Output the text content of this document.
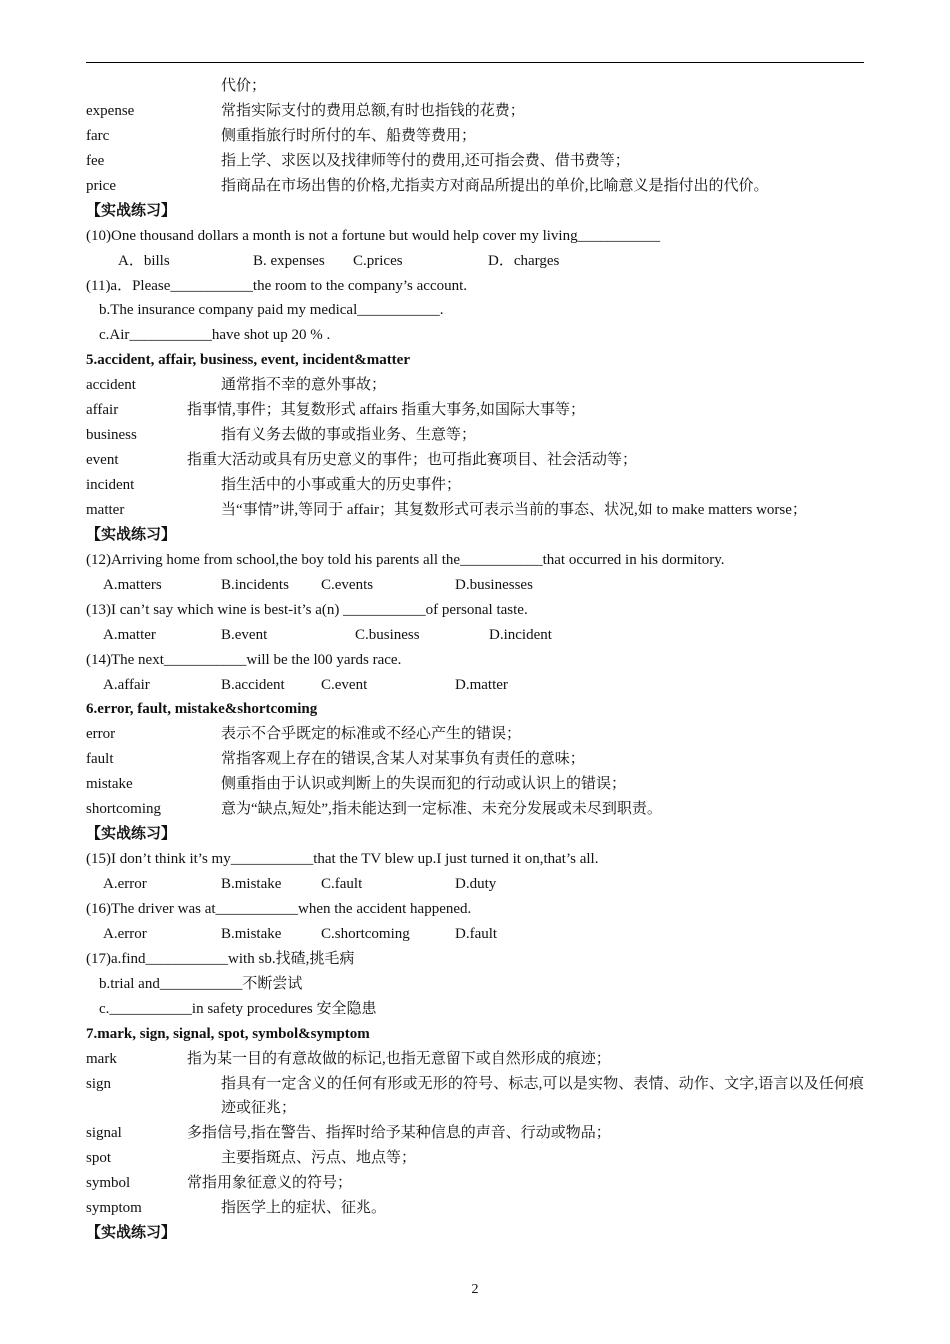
代价；
expense	常指实际支付的费用总额,有时也指钱的花费；
farc	侧重指旅行时所付的车、船费等费用；
fee	指上学、求医以及找律师等付的费用,还可指会费、借书费等；
price	指商品在市场出售的价格,尤指卖方对商品所提出的单价,比喻意义是指付出的代价。
【实战练习】
(10)One thousand dollars a month is not a fortune but would help cover my living___________
A．bills	B. expenses	C.prices	D．charges
(11)a．Please___________the room to the company’s account.
b.The insurance company paid my medical___________.
c.Air___________have shot up 20 % .
5.accident, affair, business, event, incident&matter
accident	通常指不幸的意外事故；
affair	指事情,事件；其复数形式 affairs 指重大事务,如国际大事等；
business	指有义务去做的事或指业务、生意等；
event	指重大活动或具有历史意义的事件；也可指此赛项目、社会活动等；
incident	指生活中的小事或重大的历史事件；
matter	当“事情”讲,等同于 affair；其复数形式可表示当前的事态、状况,如 to make matters worse；
【实战练习】
(12)Arriving home from school,the boy told his parents all the___________that occurred in his dormitory.
A.matters	B.incidents	C.events	D.businesses
(13)I can’t say which wine is best-it’s a(n) ___________of personal taste.
A.matter	B.event	C.business	D.incident
(14)The next___________will be the l00 yards race.
A.affair	B.accident	C.event	D.matter
6.error, fault, mistake&shortcoming
error	表示不合乎既定的标准或不经心产生的错误；
fault	常指客观上存在的错误,含某人对某事负有责任的意味；
mistake	侧重指由于认识或判断上的失误而犯的行动或认识上的错误；
shortcoming	意为“缺点,短处”,指未能达到一定标准、未充分发展或未尽到职责。
【实战练习】
(15)I don’t think it’s my___________that the TV blew up.I just turned it on,that’s all.
A.error	B.mistake	C.fault	D.duty
(16)The driver was at___________when the accident happened.
A.error	B.mistake	C.shortcoming	D.fault
(17)a.find___________with sb.找碴,挑毛病
b.trial and___________不断尝试
c.___________in safety procedures 安全隐患
7.mark, sign, signal, spot, symbol&symptom
mark	指为某一目的有意故做的标记,也指无意留下或自然形成的痕迹；
sign	指具有一定含义的任何有形或无形的符号、标志,可以是实物、表情、动作、文字,语言以及任何痕迹或征兆；
signal	多指信号,指在警告、指挥时给予某种信息的声音、行动或物品；
spot	主要指斑点、污点、地点等；
symbol	常指用象征意义的符号；
symptom	指医学上的症状、征兆。
【实战练习】
2
